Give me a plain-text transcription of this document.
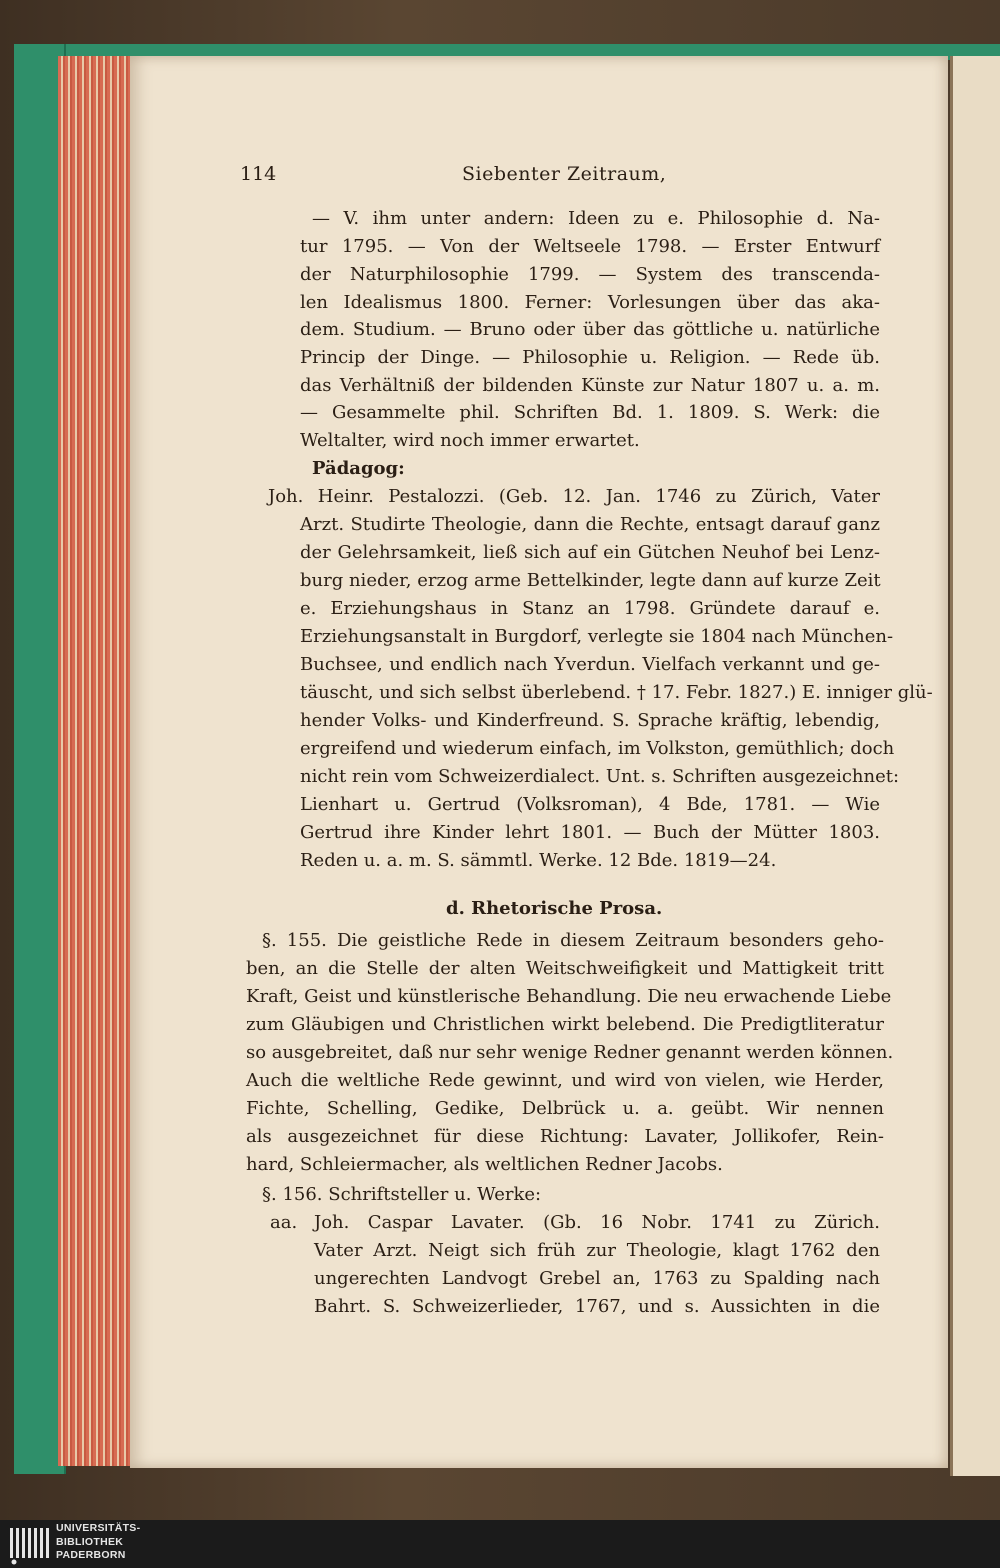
114	Siebenter Zeitraum,
— V. ihm unter andern: Ideen zu e. Philosophie d. Na-
tur 1795. — Von der Weltseele 1798. — Erster Entwurf
der Naturphilosophie 1799. — System des transcenda-
len Idealismus 1800. Ferner: Vorlesungen über das aka-
dem. Studium. — Bruno oder über das göttliche u. natürliche
Princip der Dinge. — Philosophie u. Religion. — Rede üb.
das Verhältniß der bildenden Künste zur Natur 1807 u. a. m.
— Gesammelte phil. Schriften Bd. 1. 1809. S. Werk: die
Weltalter, wird noch immer erwartet.
Pädagog:
Joh. Heinr. Pestalozzi. (Geb. 12. Jan. 1746 zu Zürich, Vater
Arzt. Studirte Theologie, dann die Rechte, entsagt darauf ganz
der Gelehrsamkeit, ließ sich auf ein Gütchen Neuhof bei Lenz-
burg nieder, erzog arme Bettelkinder, legte dann auf kurze Zeit
e. Erziehungshaus in Stanz an 1798. Gründete darauf e.
Erziehungsanstalt in Burgdorf, verlegte sie 1804 nach München-
Buchsee, und endlich nach Yverdun. Vielfach verkannt und ge-
täuscht, und sich selbst überlebend. † 17. Febr. 1827.) E. inniger glü-
hender Volks- und Kinderfreund. S. Sprache kräftig, lebendig,
ergreifend und wiederum einfach, im Volkston, gemüthlich; doch
nicht rein vom Schweizerdialect. Unt. s. Schriften ausgezeichnet:
Lienhart u. Gertrud (Volksroman), 4 Bde, 1781. — Wie
Gertrud ihre Kinder lehrt 1801. — Buch der Mütter 1803.
Reden u. a. m. S. sämmtl. Werke. 12 Bde. 1819—24.
d. Rhetorische Prosa.
§. 155. Die geistliche Rede in diesem Zeitraum besonders geho-
ben, an die Stelle der alten Weitschweifigkeit und Mattigkeit tritt
Kraft, Geist und künstlerische Behandlung. Die neu erwachende Liebe
zum Gläubigen und Christlichen wirkt belebend. Die Predigtliteratur
so ausgebreitet, daß nur sehr wenige Redner genannt werden können.
Auch die weltliche Rede gewinnt, und wird von vielen, wie Herder,
Fichte, Schelling, Gedike, Delbrück u. a. geübt. Wir nennen
als ausgezeichnet für diese Richtung: Lavater, Jollikofer, Rein-
hard, Schleiermacher, als weltlichen Redner Jacobs.
§. 156. Schriftsteller u. Werke:
aa. Joh. Caspar Lavater. (Gb. 16 Nobr. 1741 zu Zürich.
Vater Arzt. Neigt sich früh zur Theologie, klagt 1762 den
ungerechten Landvogt Grebel an, 1763 zu Spalding nach
Bahrt. S. Schweizerlieder, 1767, und s. Aussichten in die
UNIVERSITÄTS-
BIBLIOTHEK
PADERBORN
